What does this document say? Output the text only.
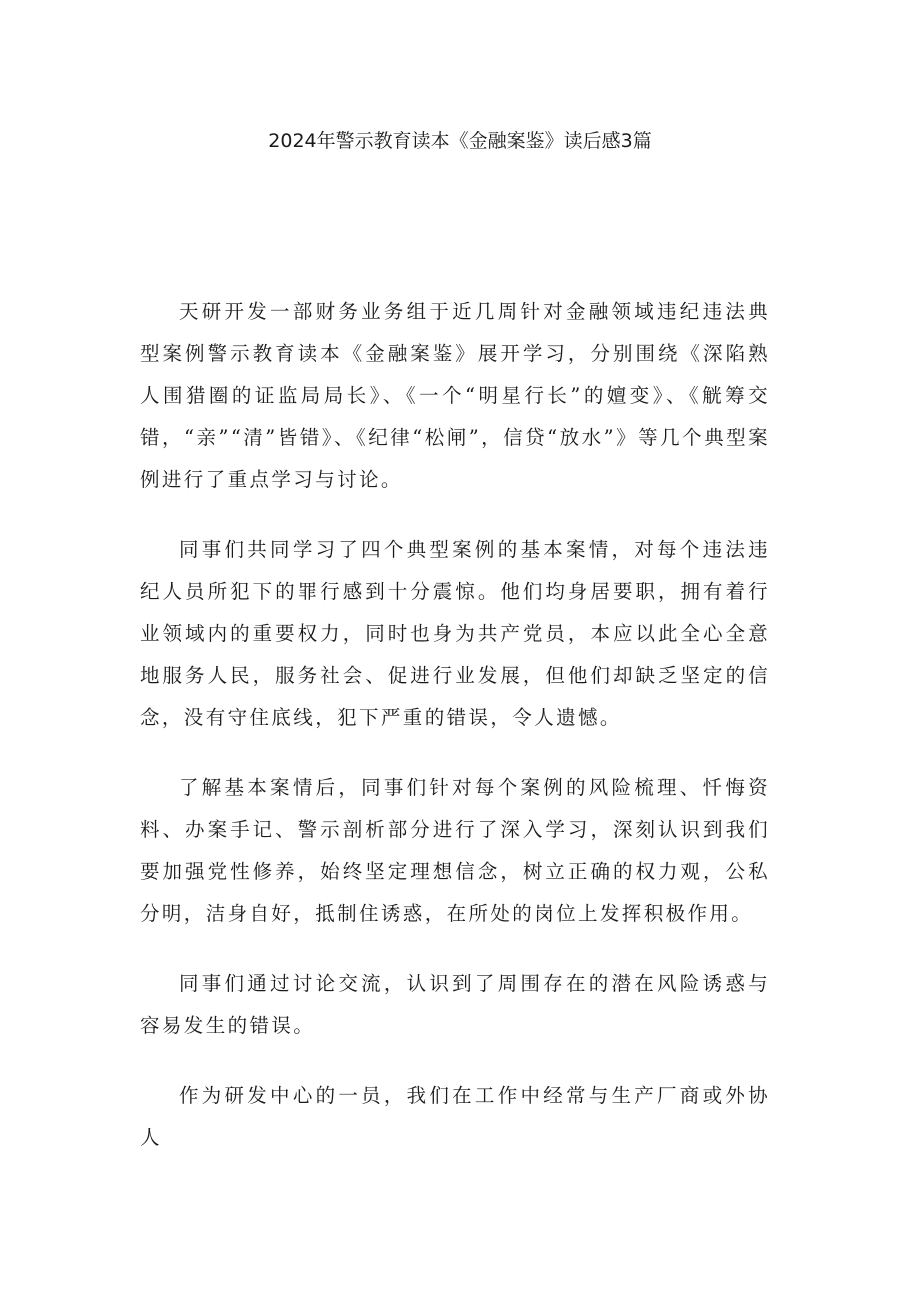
2024年警示教育读本《金融案鉴》读后感3篇

天研开发一部财务业务组于近几周针对金融领域违纪违法典型案例警示教育读本《金融案鉴》展开学习，分别围绕《深陷熟人围猎圈的证监局局长》、《一个“明星行长”的嬗变》、《觥筹交错，“亲”“清”皆错》、《纪律“松闸”，信贷“放水”》等几个典型案例进行了重点学习与讨论。

同事们共同学习了四个典型案例的基本案情，对每个违法违纪人员所犯下的罪行感到十分震惊。他们均身居要职，拥有着行业领域内的重要权力，同时也身为共产党员，本应以此全心全意地服务人民，服务社会、促进行业发展，但他们却缺乏坚定的信念，没有守住底线，犯下严重的错误，令人遗憾。

了解基本案情后，同事们针对每个案例的风险梳理、忏悔资料、办案手记、警示剖析部分进行了深入学习，深刻认识到我们要加强党性修养，始终坚定理想信念，树立正确的权力观，公私分明，洁身自好，抵制住诱惑，在所处的岗位上发挥积极作用。

同事们通过讨论交流，认识到了周围存在的潜在风险诱惑与容易发生的错误。

作为研发中心的一员，我们在工作中经常与生产厂商或外协人
